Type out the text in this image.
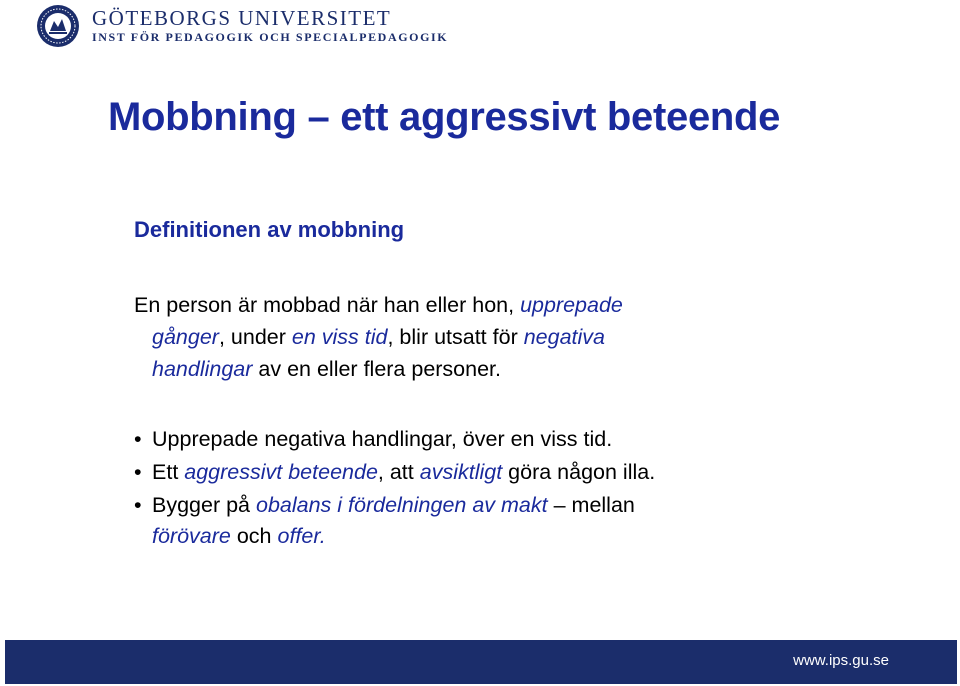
GÖTEBORGS UNIVERSITET
INST FÖR PEDAGOGIK OCH SPECIALPEDAGOGIK
Mobbning – ett aggressivt beteende
Definitionen av mobbning
En person är mobbad när han eller hon, upprepade
gånger, under en viss tid, blir utsatt för negativa
handlingar av en eller flera personer.
• Upprepade negativa handlingar, över en viss tid.
• Ett aggressivt beteende, att avsiktligt göra någon illa.
• Bygger på obalans i fördelningen av makt – mellan
förövare och offer.
www.ips.gu.se
